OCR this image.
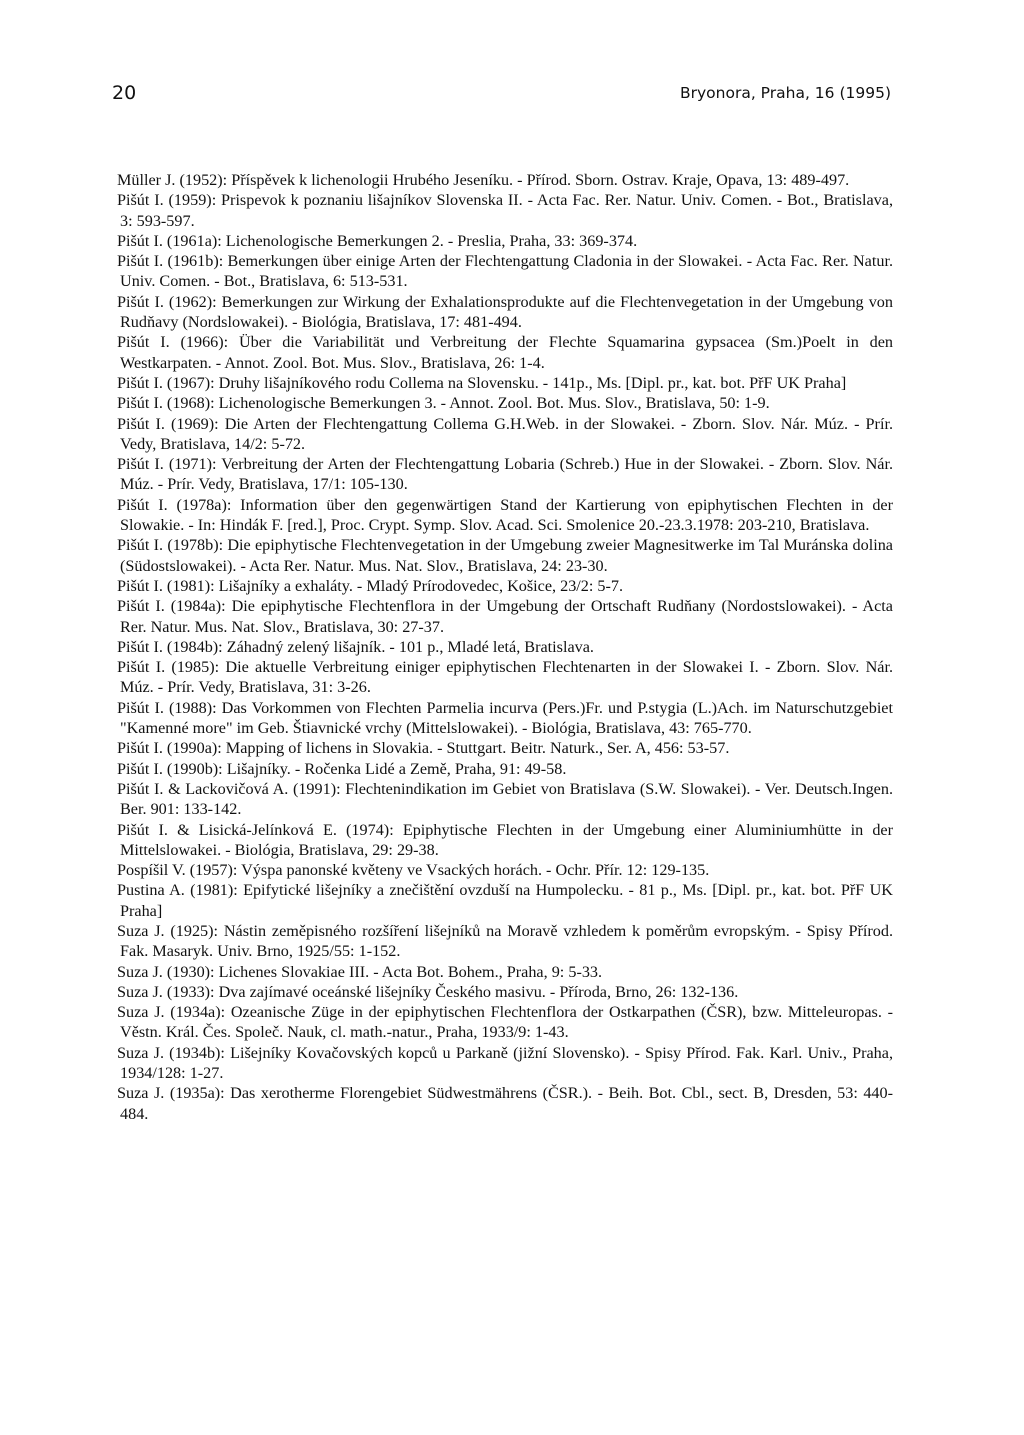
20	Bryonora, Praha, 16 (1995)
Müller J. (1952): Příspěvek k lichenologii Hrubého Jeseníku. - Přírod. Sborn. Ostrav. Kraje, Opava, 13: 489-497.
Pišút I. (1959): Prispevok k poznaniu lišajníkov Slovenska II. - Acta Fac. Rer. Natur. Univ. Comen. - Bot., Bratislava, 3: 593-597.
Pišút I. (1961a): Lichenologische Bemerkungen 2. - Preslia, Praha, 33: 369-374.
Pišút I. (1961b): Bemerkungen über einige Arten der Flechtengattung Cladonia in der Slowakei. - Acta Fac. Rer. Natur. Univ. Comen. - Bot., Bratislava, 6: 513-531.
Pišút I. (1962): Bemerkungen zur Wirkung der Exhalationsprodukte auf die Flechtenvegetation in der Umgebung von Rudňavy (Nordslowakei). - Biológia, Bratislava, 17: 481-494.
Pišút I. (1966): Über die Variabilität und Verbreitung der Flechte Squamarina gypsacea (Sm.)Poelt in den Westkarpaten. - Annot. Zool. Bot. Mus. Slov., Bratislava, 26: 1-4.
Pišút I. (1967): Druhy lišajníkového rodu Collema na Slovensku. - 141p., Ms. [Dipl. pr., kat. bot. PřF UK Praha]
Pišút I. (1968): Lichenologische Bemerkungen 3. - Annot. Zool. Bot. Mus. Slov., Bratislava, 50: 1-9.
Pišút I. (1969): Die Arten der Flechtengattung Collema G.H.Web. in der Slowakei. - Zborn. Slov. Nár. Múz. - Prír. Vedy, Bratislava, 14/2: 5-72.
Pišút I. (1971): Verbreitung der Arten der Flechtengattung Lobaria (Schreb.) Hue in der Slowakei. - Zborn. Slov. Nár. Múz. - Prír. Vedy, Bratislava, 17/1: 105-130.
Pišút I. (1978a): Information über den gegenwärtigen Stand der Kartierung von epiphytischen Flechten in der Slowakie. - In: Hindák F. [red.], Proc. Crypt. Symp. Slov. Acad. Sci. Smolenice 20.-23.3.1978: 203-210, Bratislava.
Pišút I. (1978b): Die epiphytische Flechtenvegetation in der Umgebung zweier Magnesitwerke im Tal Muránska dolina (Südostslowakei). - Acta Rer. Natur. Mus. Nat. Slov., Bratislava, 24: 23-30.
Pišút I. (1981): Lišajníky a exhaláty. - Mladý Prírodovedec, Košice, 23/2: 5-7.
Pišút I. (1984a): Die epiphytische Flechtenflora in der Umgebung der Ortschaft Rudňany (Nordostslowakei). - Acta Rer. Natur. Mus. Nat. Slov., Bratislava, 30: 27-37.
Pišút I. (1984b): Záhadný zelený lišajník. - 101 p., Mladé letá, Bratislava.
Pišút I. (1985): Die aktuelle Verbreitung einiger epiphytischen Flechtenarten in der Slowakei I. - Zborn. Slov. Nár. Múz. - Prír. Vedy, Bratislava, 31: 3-26.
Pišút I. (1988): Das Vorkommen von Flechten Parmelia incurva (Pers.)Fr. und P.stygia (L.)Ach. im Naturschutzgebiet "Kamenné more" im Geb. Štiavnické vrchy (Mittelslowakei). - Biológia, Bratislava, 43: 765-770.
Pišút I. (1990a): Mapping of lichens in Slovakia. - Stuttgart. Beitr. Naturk., Ser. A, 456: 53-57.
Pišút I. (1990b): Lišajníky. - Ročenka Lidé a Země, Praha, 91: 49-58.
Pišút I. & Lackovičová A. (1991): Flechtenindikation im Gebiet von Bratislava (S.W. Slowakei). - Ver. Deutsch.Ingen. Ber. 901: 133-142.
Pišút I. & Lisická-Jelínková E. (1974): Epiphytische Flechten in der Umgebung einer Aluminiumhütte in der Mittelslowakei. - Biológia, Bratislava, 29: 29-38.
Pospíšil V. (1957): Výspa panonské květeny ve Vsackých horách. - Ochr. Přír. 12: 129-135.
Pustina A. (1981): Epifytické lišejníky a znečištění ovzduší na Humpolecku. - 81 p., Ms. [Dipl. pr., kat. bot. PřF UK Praha]
Suza J. (1925): Nástin zeměpisného rozšíření lišejníků na Moravě vzhledem k poměrům evropským. - Spisy Přírod. Fak. Masaryk. Univ. Brno, 1925/55: 1-152.
Suza J. (1930): Lichenes Slovakiae III. - Acta Bot. Bohem., Praha, 9: 5-33.
Suza J. (1933): Dva zajímavé oceánské lišejníky Českého masivu. - Příroda, Brno, 26: 132-136.
Suza J. (1934a): Ozeanische Züge in der epiphytischen Flechtenflora der Ostkarpathen (ČSR), bzw. Mitteleuropas. - Věstn. Král. Čes. Společ. Nauk, cl. math.-natur., Praha, 1933/9: 1-43.
Suza J. (1934b): Lišejníky Kovačovských kopců u Parkaně (jižní Slovensko). - Spisy Přírod. Fak. Karl. Univ., Praha, 1934/128: 1-27.
Suza J. (1935a): Das xerotherme Florengebiet Südwestmährens (ČSR.). - Beih. Bot. Cbl., sect. B, Dresden, 53: 440-484.
